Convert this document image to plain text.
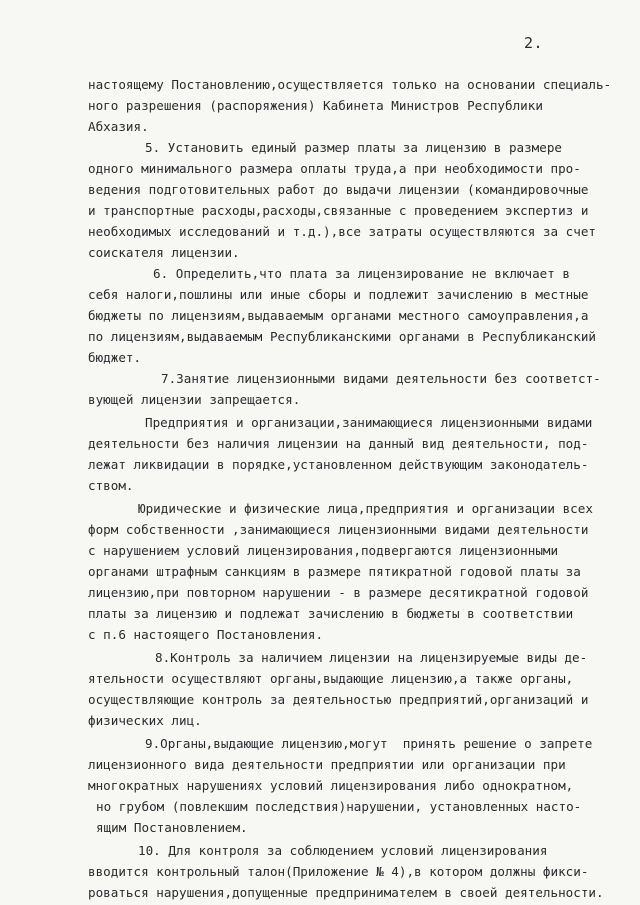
2.
настоящему Постановлению,осуществляется только на основании специаль-
ного разрешения (распоряжения) Кабинета Министров Республики
Абхазия.
5. Установить единый размер платы за лицензию в размере
одного минимального размера оплаты труда,а при необходимости про-
ведения подготовительных работ до выдачи лицензии (командировочные
и транспортные расходы,расходы,связанные с проведением экспертиз и
необходимых исследований и т.д.),все затраты осуществляются за счет
соискателя лицензии.
6. Определить,что плата за лицензирование не включает в
себя налоги,пошлины или иные сборы и подлежит зачислению в местные
бюджеты по лицензиям,выдаваемым органами местного самоуправления,а
по лицензиям,выдаваемым Республиканскими органами в Республиканский
бюджет.
7.Занятие лицензионными видами деятельности без соответст-
вующей лицензии запрещается.
Предприятия и организации,занимающиеся лицензионными видами
деятельности без наличия лицензии на данный вид деятельности, под-
лежат ликвидации в порядке,установленном действующим законодатель-
ством.
Юридические и физические лица,предприятия и организации всех
форм собственности ,занимающиеся лицензионными видами деятельности
с нарушением условий лицензирования,подвергаются лицензионными
органами штрафным санкциям в размере пятикратной годовой платы за
лицензию,при повторном нарушении - в размере десятикратной годовой
платы за лицензию и подлежат зачислению в бюджеты в соответствии
с п.6 настоящего Постановления.
8.Контроль за наличием лицензии на лицензируемые виды де-
ятельности осуществляют органы,выдающие лицензию,а также органы,
осуществляющие контроль за деятельностью предприятий,организаций и
физических лиц.
9.Органы,выдающие лицензию,могут  принять решение о запрете
лицензионного вида деятельности предприятии или организации при
многократных нарушениях условий лицензирования либо однократном,
но грубом (повлекшим последствия)нарушении, установленных насто-
ящим Постановлением.
10. Для контроля за соблюдением условий лицензирования
вводится контрольный талон(Приложение № 4),в котором должны фикси-
роваться нарушения,допущенные предпринимателем в своей деятельности.
